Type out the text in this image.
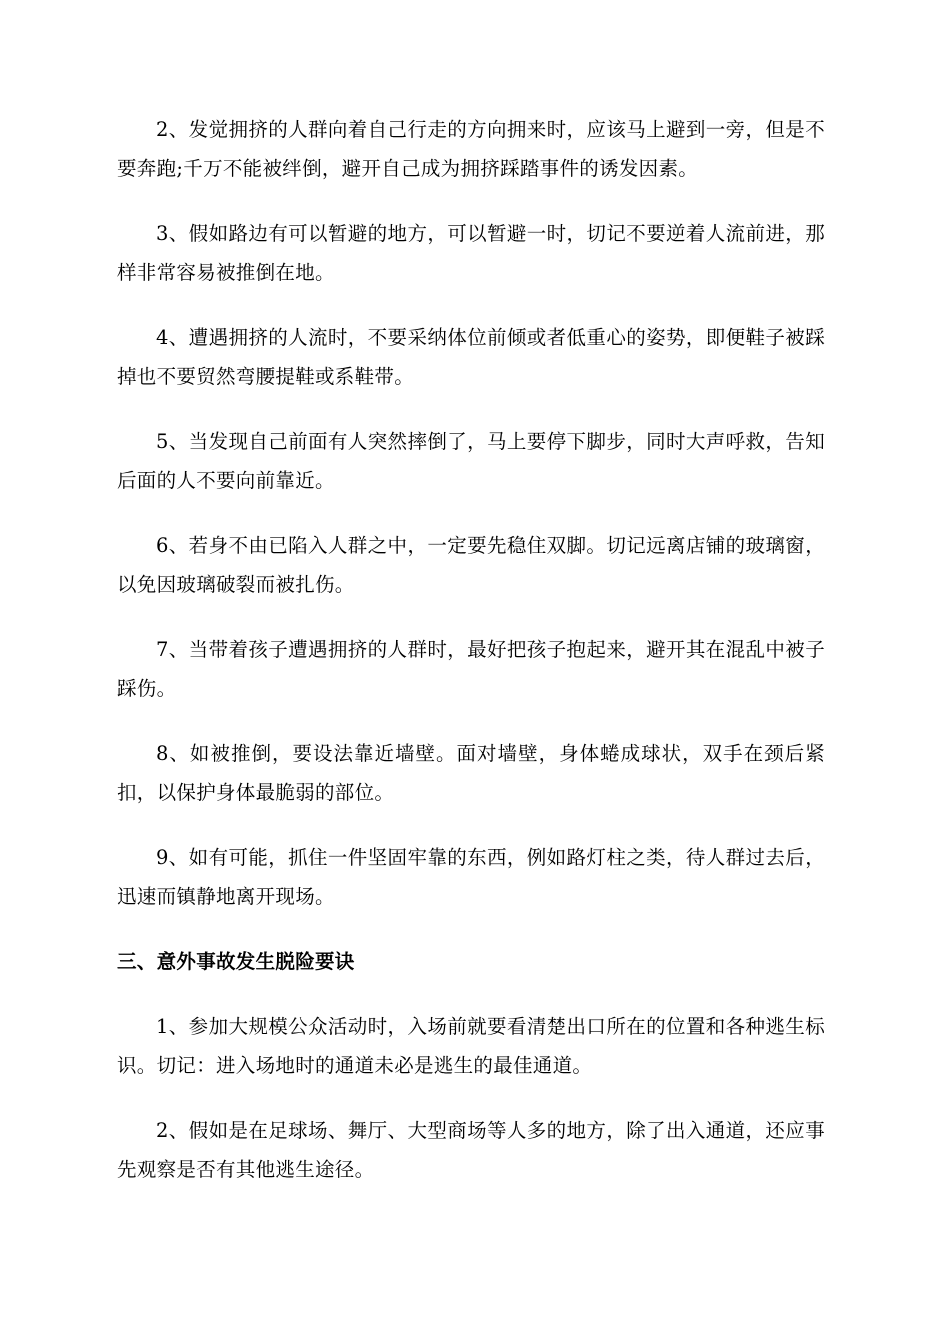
2、发觉拥挤的人群向着自己行走的方向拥来时，应该马上避到一旁，但是不要奔跑;千万不能被绊倒，避开自己成为拥挤踩踏事件的诱发因素。

3、假如路边有可以暂避的地方，可以暂避一时，切记不要逆着人流前进，那样非常容易被推倒在地。

4、遭遇拥挤的人流时，不要采纳体位前倾或者低重心的姿势，即便鞋子被踩掉也不要贸然弯腰提鞋或系鞋带。

5、当发现自己前面有人突然摔倒了，马上要停下脚步，同时大声呼救，告知后面的人不要向前靠近。

6、若身不由已陷入人群之中，一定要先稳住双脚。切记远离店铺的玻璃窗，以免因玻璃破裂而被扎伤。

7、当带着孩子遭遇拥挤的人群时，最好把孩子抱起来，避开其在混乱中被子踩伤。

8、如被推倒，要设法靠近墙壁。面对墙壁，身体蜷成球状，双手在颈后紧扣，以保护身体最脆弱的部位。

9、如有可能，抓住一件坚固牢靠的东西，例如路灯柱之类，待人群过去后，迅速而镇静地离开现场。

三、意外事故发生脱险要诀

1、参加大规模公众活动时，入场前就要看清楚出口所在的位置和各种逃生标识。切记：进入场地时的通道未必是逃生的最佳通道。

2、假如是在足球场、舞厅、大型商场等人多的地方，除了出入通道，还应事先观察是否有其他逃生途径。
